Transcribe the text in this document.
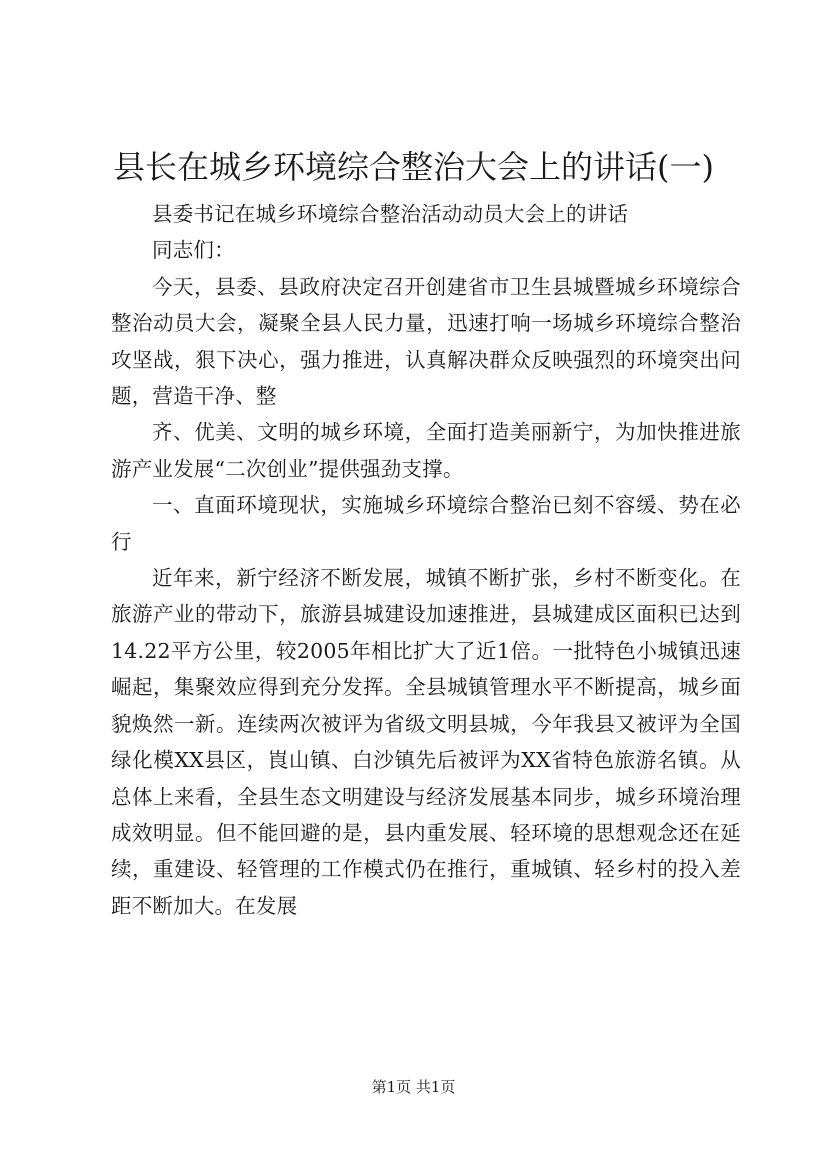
县长在城乡环境综合整治大会上的讲话(一)

县委书记在城乡环境综合整治活动动员大会上的讲话

同志们：

今天，县委、县政府决定召开创建省市卫生县城暨城乡环境综合整治动员大会，凝聚全县人民力量，迅速打响一场城乡环境综合整治攻坚战，狠下决心，强力推进，认真解决群众反映强烈的环境突出问题，营造干净、整

齐、优美、文明的城乡环境，全面打造美丽新宁，为加快推进旅游产业发展“二次创业”提供强劲支撑。

一、直面环境现状，实施城乡环境综合整治已刻不容缓、势在必行

近年来，新宁经济不断发展，城镇不断扩张，乡村不断变化。在旅游产业的带动下，旅游县城建设加速推进，县城建成区面积已达到14.22平方公里，较2005年相比扩大了近1倍。一批特色小城镇迅速崛起，集聚效应得到充分发挥。全县城镇管理水平不断提高，城乡面貌焕然一新。连续两次被评为省级文明县城，今年我县又被评为全国绿化模XX县区，崀山镇、白沙镇先后被评为XX省特色旅游名镇。从总体上来看，全县生态文明建设与经济发展基本同步，城乡环境治理成效明显。但不能回避的是，县内重发展、轻环境的思想观念还在延续，重建设、轻管理的工作模式仍在推行，重城镇、轻乡村的投入差距不断加大。在发展

第1页 共1页
